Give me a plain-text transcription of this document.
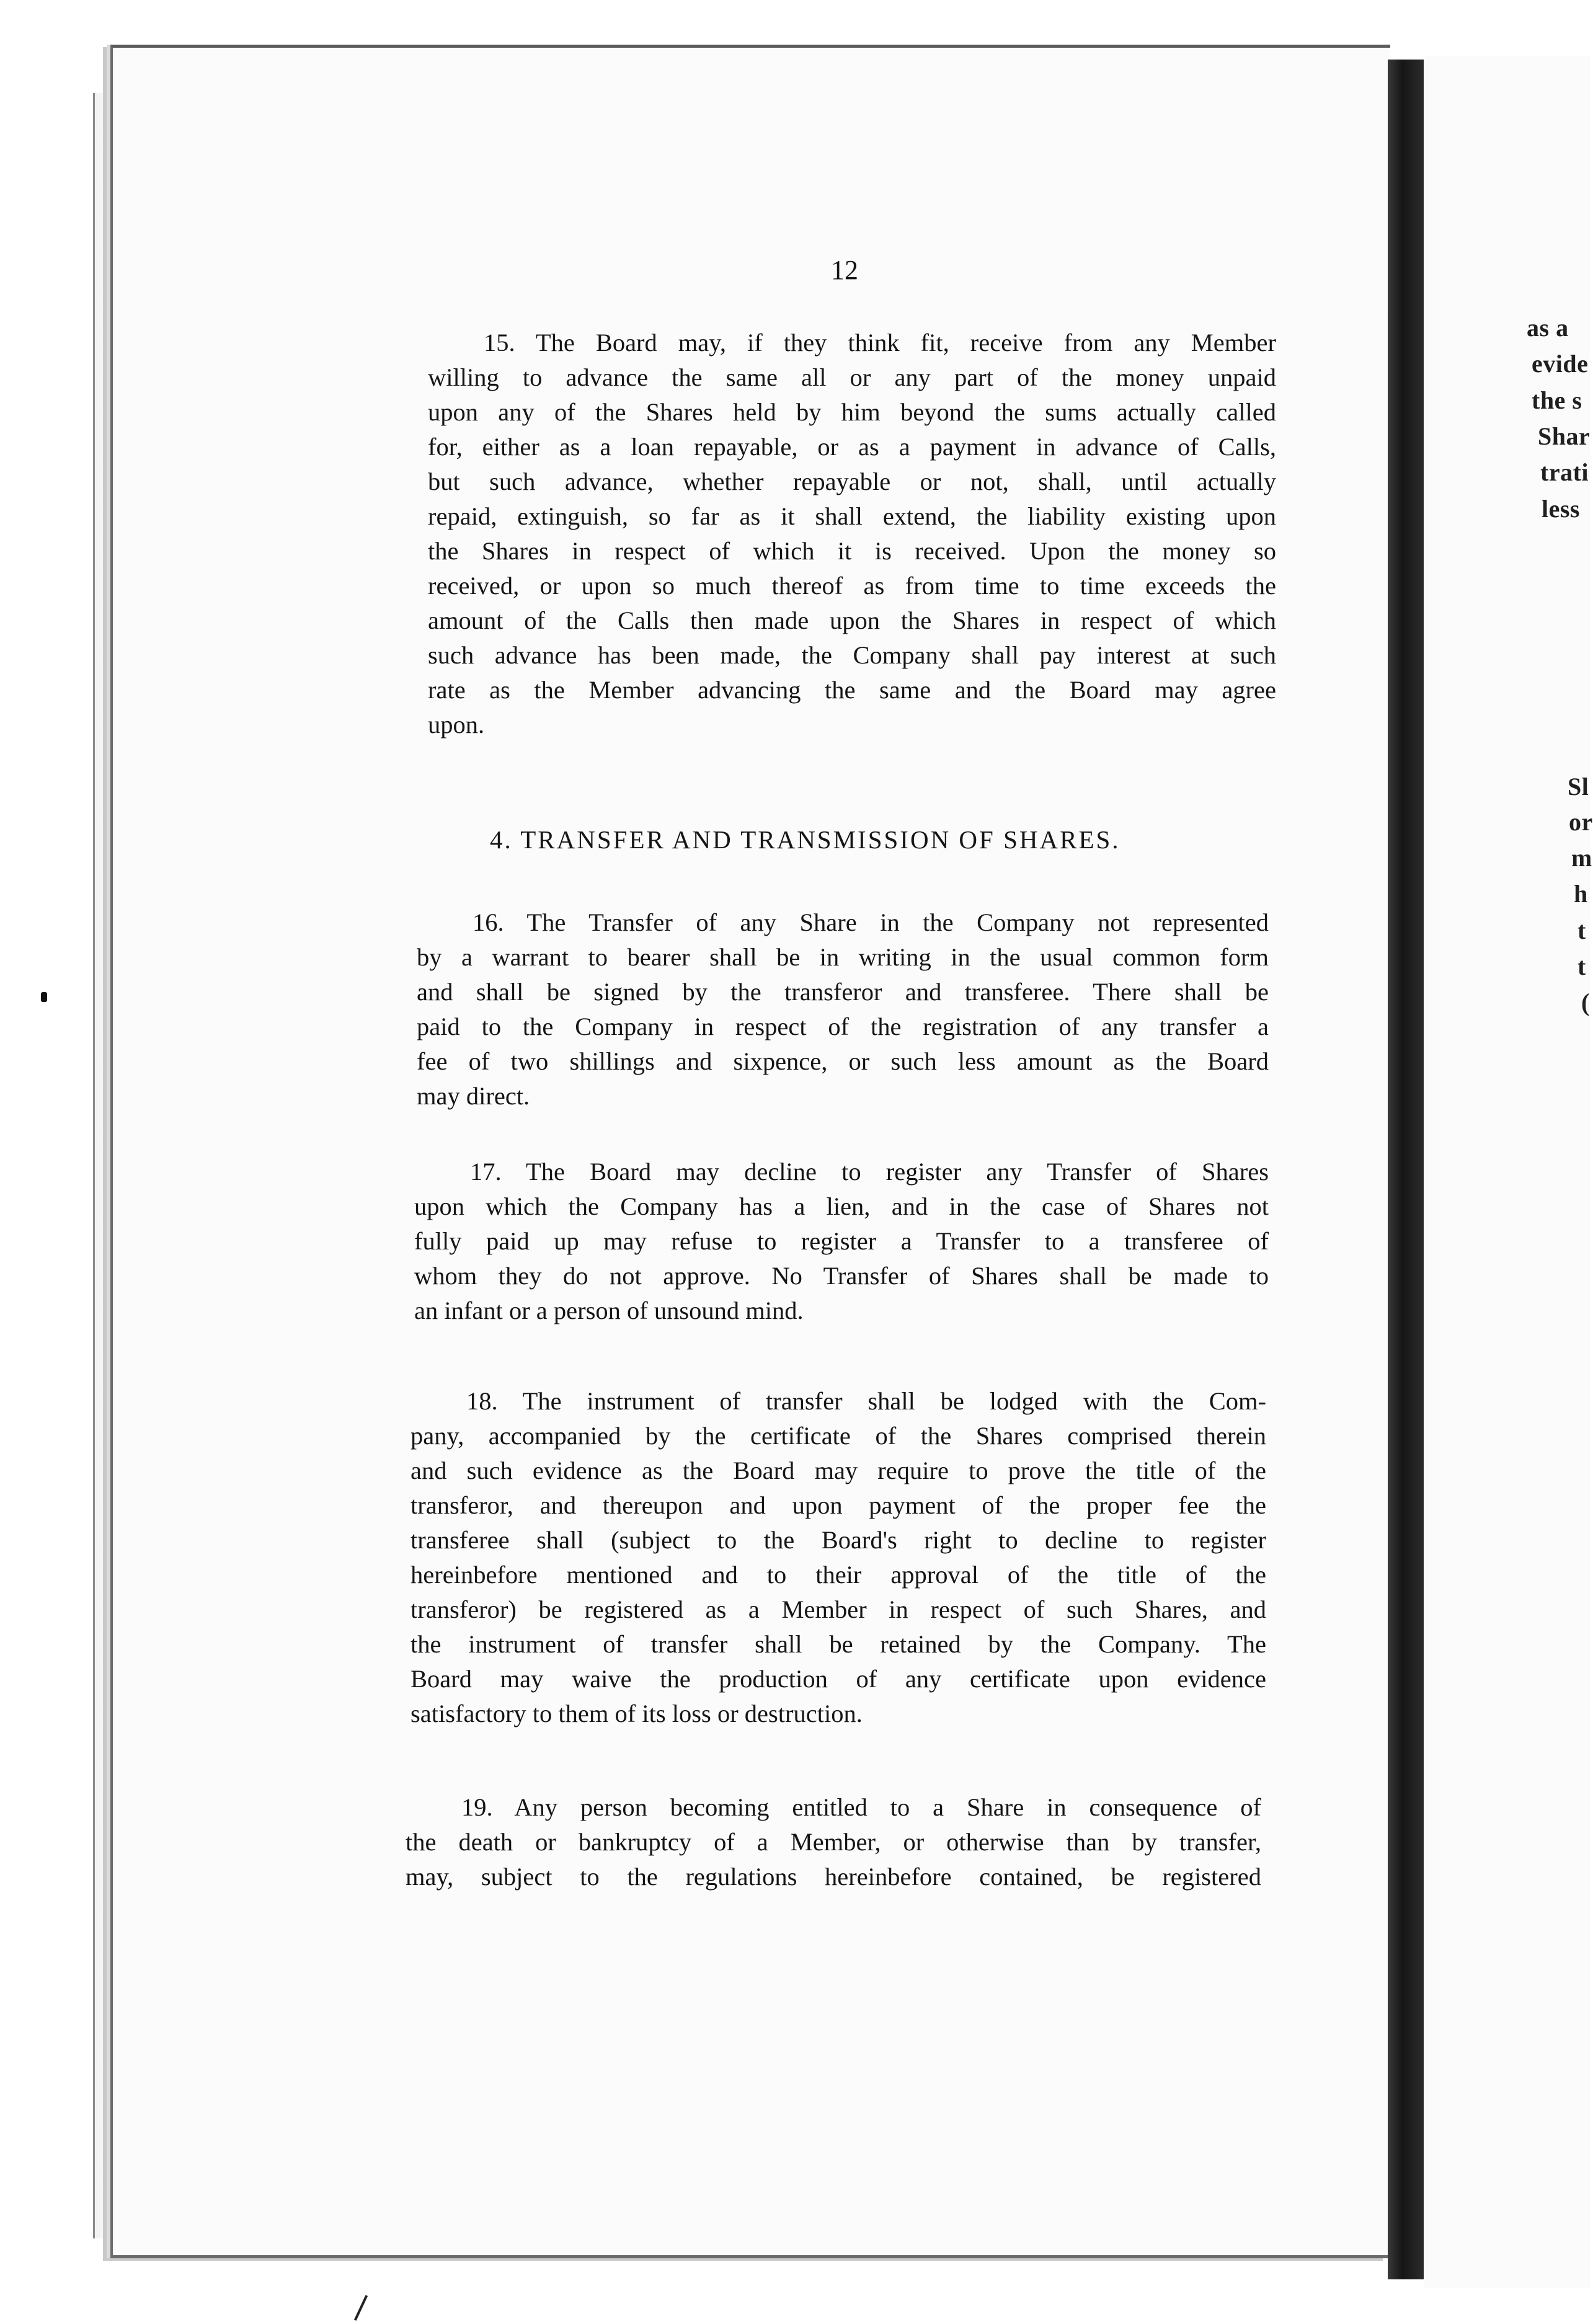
12
15. The Board may, if they think fit, receive from any Member
willing to advance the same all or any part of the money unpaid
upon any of the Shares held by him beyond the sums actually called
for, either as a loan repayable, or as a payment in advance of Calls,
but such advance, whether repayable or not, shall, until actually
repaid, extinguish, so far as it shall extend, the liability existing upon
the Shares in respect of which it is received. Upon the money so
received, or upon so much thereof as from time to time exceeds the
amount of the Calls then made upon the Shares in respect of which
such advance has been made, the Company shall pay interest at such
rate as the Member advancing the same and the Board may agree
upon.
4. TRANSFER AND TRANSMISSION OF SHARES.
16. The Transfer of any Share in the Company not represented
by a warrant to bearer shall be in writing in the usual common form
and shall be signed by the transferor and transferee. There shall be
paid to the Company in respect of the registration of any transfer a
fee of two shillings and sixpence, or such less amount as the Board
may direct.
17. The Board may decline to register any Transfer of Shares
upon which the Company has a lien, and in the case of Shares not
fully paid up may refuse to register a Transfer to a transferee of
whom they do not approve. No Transfer of Shares shall be made to
an infant or a person of unsound mind.
18. The instrument of transfer shall be lodged with the Com-
pany, accompanied by the certificate of the Shares comprised therein
and such evidence as the Board may require to prove the title of the
transferor, and thereupon and upon payment of the proper fee the
transferee shall (subject to the Board's right to decline to register
hereinbefore mentioned and to their approval of the title of the
transferor) be registered as a Member in respect of such Shares, and
the instrument of transfer shall be retained by the Company. The
Board may waive the production of any certificate upon evidence
satisfactory to them of its loss or destruction.
19. Any person becoming entitled to a Share in consequence of
the death or bankruptcy of a Member, or otherwise than by transfer,
may, subject to the regulations hereinbefore contained, be registered
as a
evide
the s
Shar
trati
less
Sl
or
m
h
t
t
(
